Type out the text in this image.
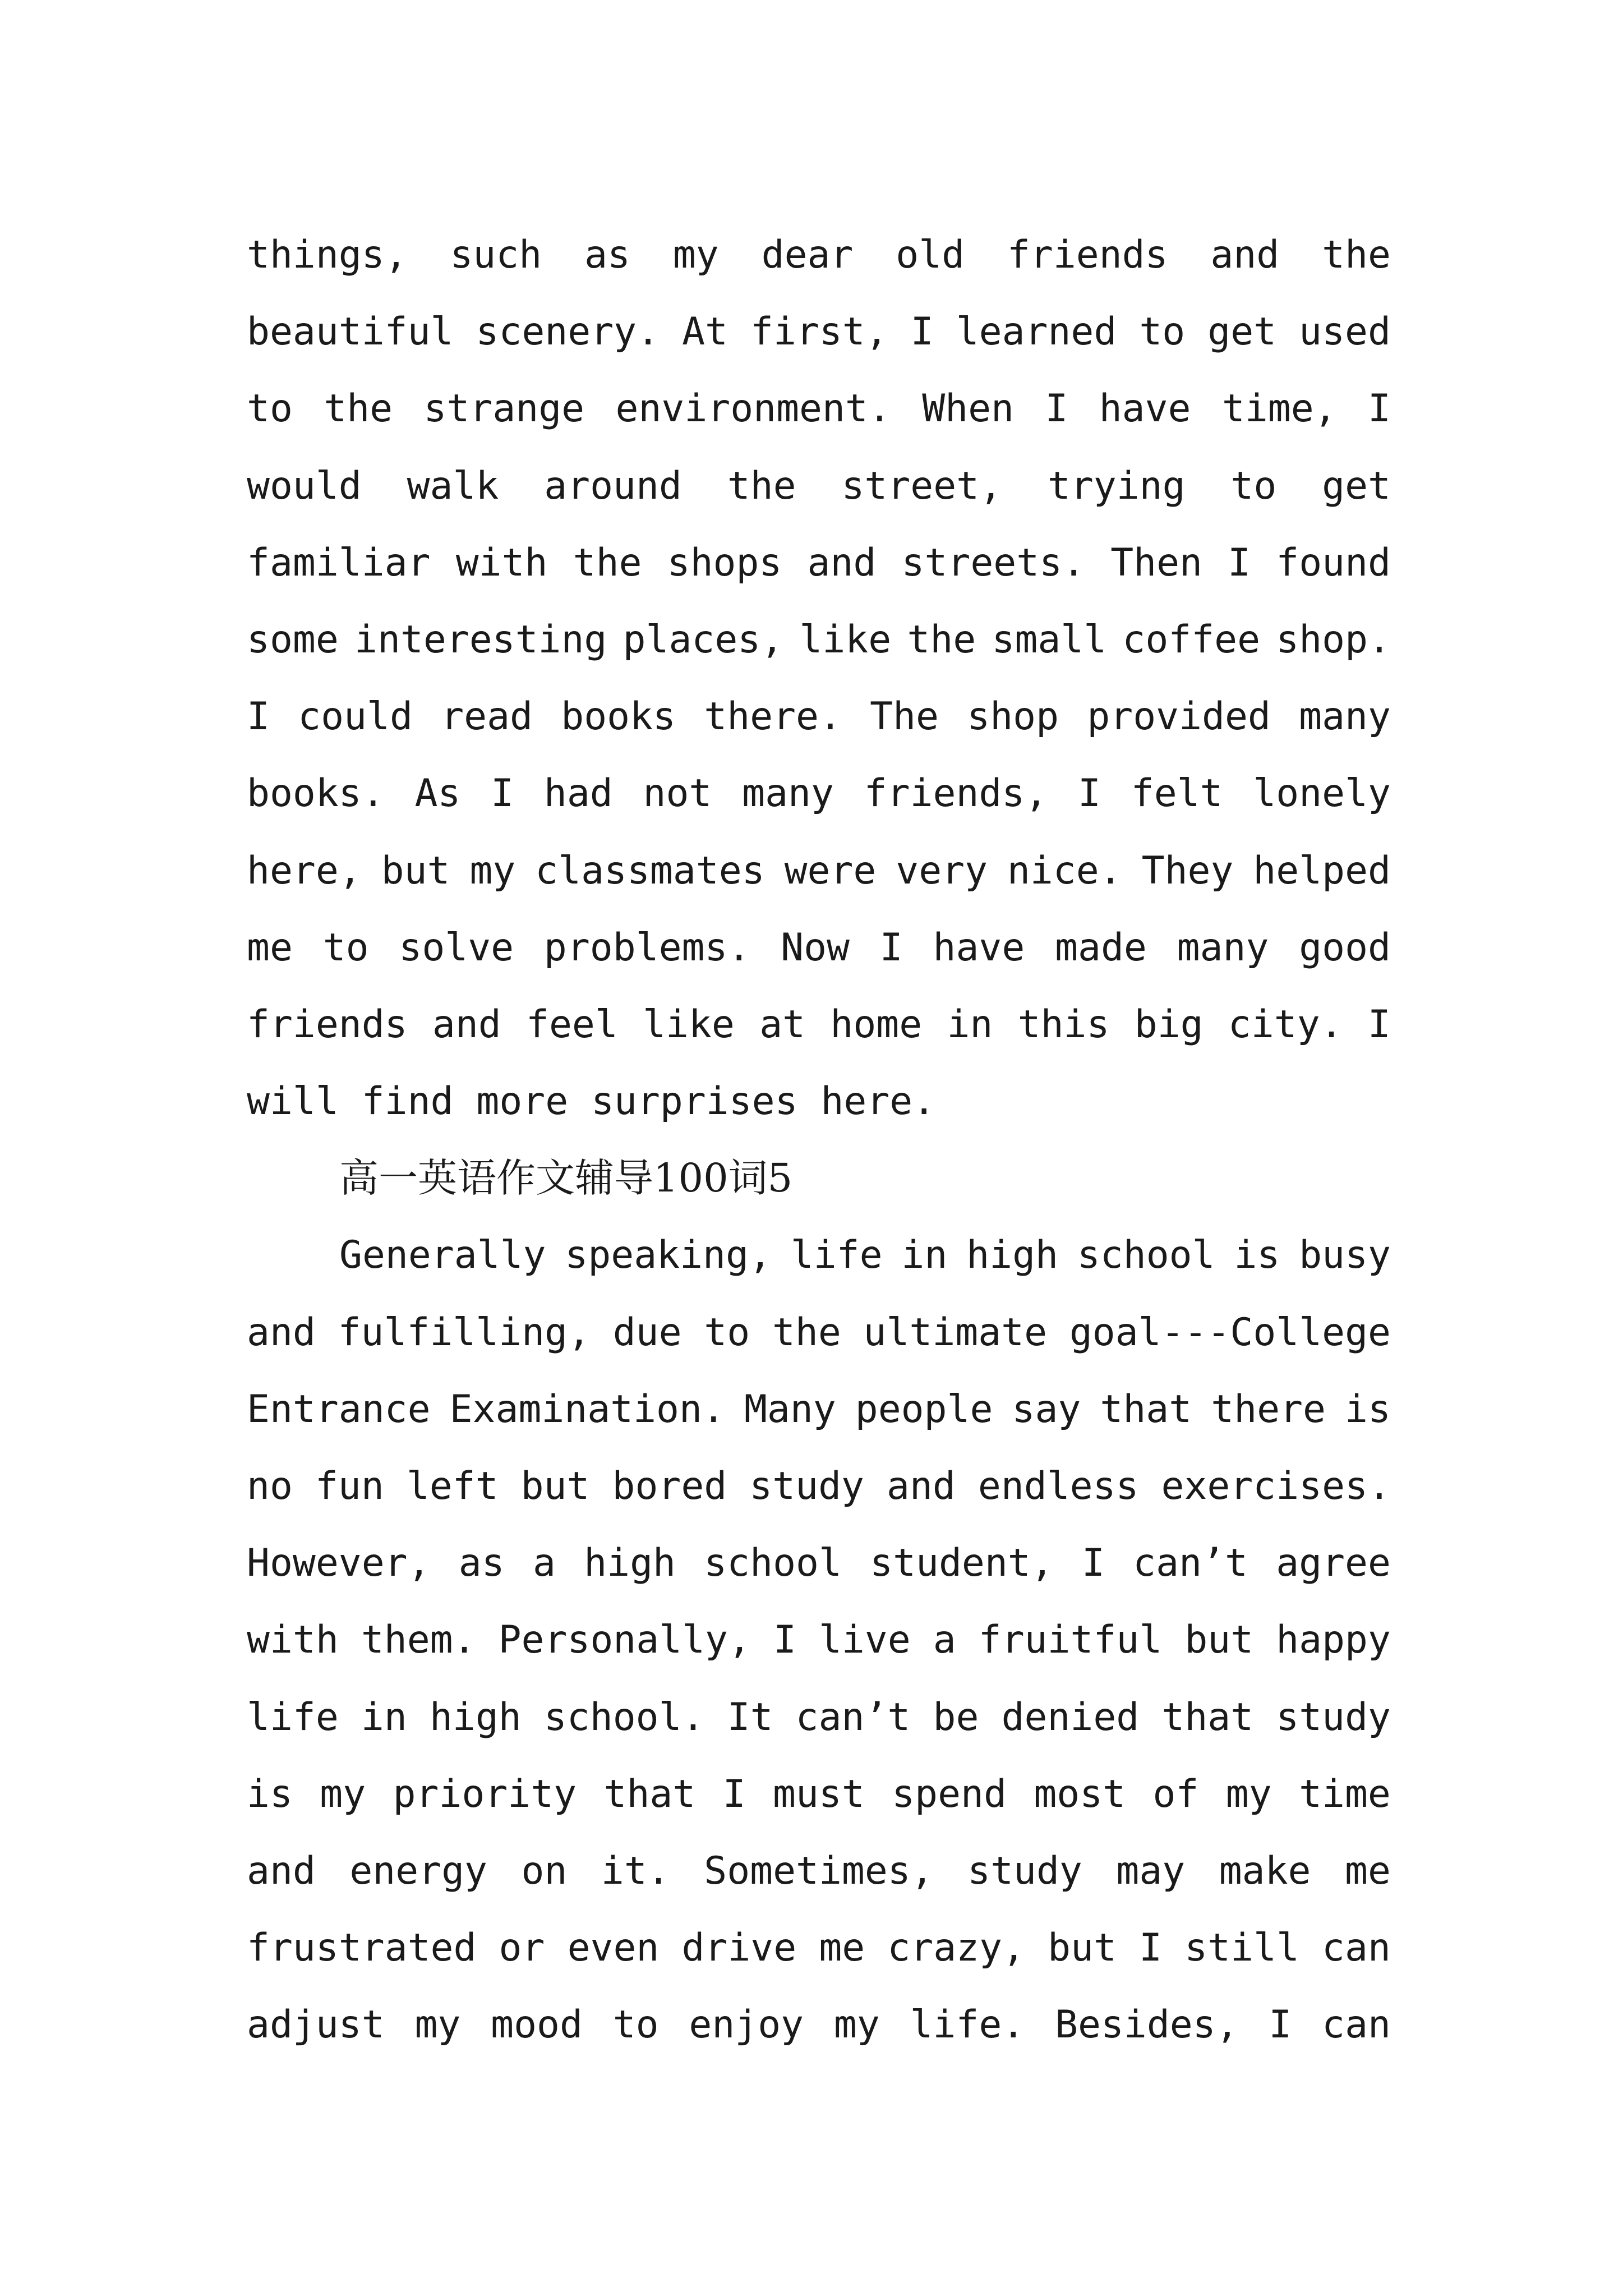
things, such as my dear old friends and the
beautiful scenery. At first, I learned to get used
to the strange environment. When I have time, I
would walk around the street, trying to get
familiar with the shops and streets. Then I found
some interesting places, like the small coffee shop.
I could read books there. The shop provided many
books. As I had not many friends, I felt lonely
here, but my classmates were very nice. They helped
me to solve problems. Now I have made many good
friends and feel like at home in this big city. I
will find more surprises here.
高一英语作文辅导100词5
Generally speaking, life in high school is busy
and fulfilling, due to the ultimate goal---College
Entrance Examination. Many people say that there is
no fun left but bored study and endless exercises.
However, as a high school student, I can’t agree
with them. Personally, I live a fruitful but happy
life in high school. It can’t be denied that study
is my priority that I must spend most of my time
and energy on it. Sometimes, study may make me
frustrated or even drive me crazy, but I still can
adjust my mood to enjoy my life. Besides, I can
